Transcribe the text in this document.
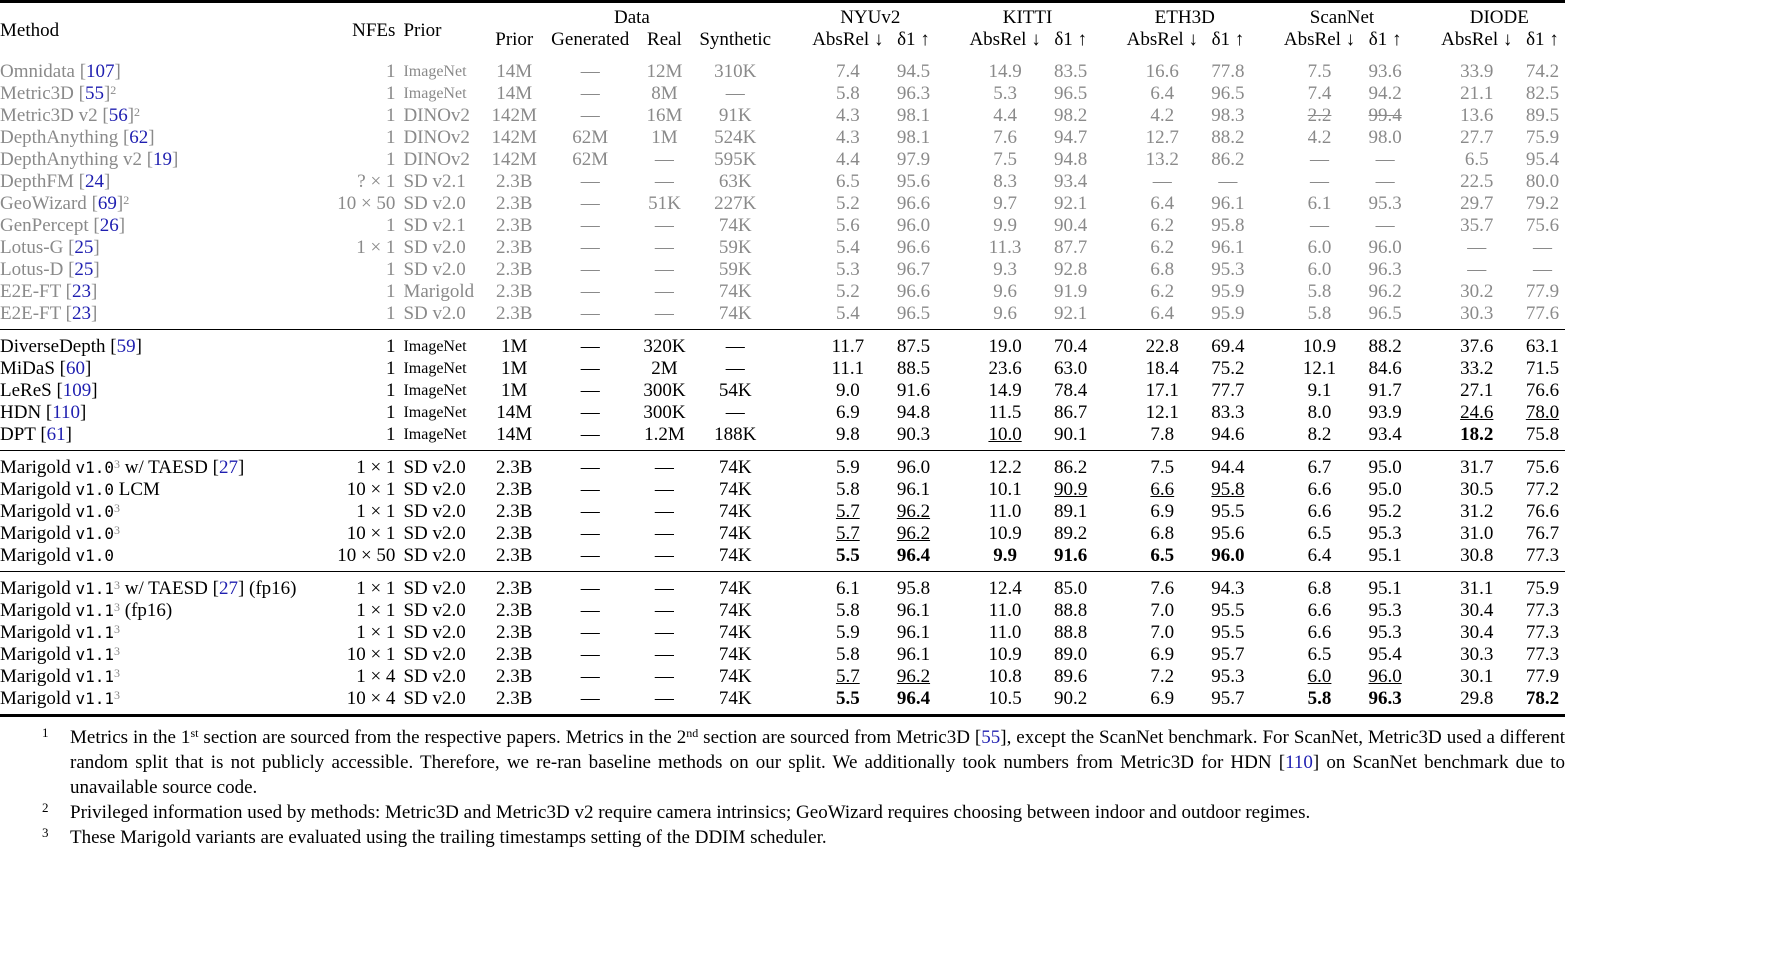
Method	NFEs	Prior	Data					NYUv2			KITTI			ETH3D			ScanNet			DIODE	
			Prior	Generated	Real	Synthetic		AbsRel ↓	δ1 ↑		AbsRel ↓	δ1 ↑		AbsRel ↓	δ1 ↑		AbsRel ↓	δ1 ↑		AbsRel ↓	δ1 ↑
Omnidata [107]	1	ImageNet	14M	—	12M	310K		7.4	94.5		14.9	83.5		16.6	77.8		7.5	93.6		33.9	74.2
Metric3D $[55]^2$	1	ImageNet	14M	—	8M	—		5.8	96.3		5.3	96.5		6.4	96.5		7.4	94.2		21.1	82.5
Metric3D v2 $[56]^2$	1	DINOv2	142M	—	16M	91K		4.3	98.1		4.4	98.2		4.2	98.3		2.2	99.4		13.6	89.5
DepthAnything [62]	1	DINOv2	142M	62M	1M	524K		4.3	98.1		7.6	94.7		12.7	88.2		4.2	98.0		27.7	75.9
DepthAnything v2 [19]	1	DINOv2	142M	62M	—	595K		4.4	97.9		7.5	94.8		13.2	86.2		—	—		6.5	95.4
DepthFM [24]	? × 1	SD v2.1	2.3B	—	—	63K		6.5	95.6		8.3	93.4		—	—		—	—		22.5	80.0
GeoWizard $[69]^2$	10 × 50	SD v2.0	2.3B	—	51K	227K		5.2	96.6		9.7	92.1		6.4	96.1		6.1	95.3		29.7	79.2
GenPercept [26]	1	SD v2.1	2.3B	—	—	74K		5.6	96.0		9.9	90.4		6.2	95.8		—	—		35.7	75.6
Lotus-G [25]	1 × 1	SD v2.0	2.3B	—	—	59K		5.4	96.6		11.3	87.7		6.2	96.1		6.0	96.0		—	—
Lotus-D [25]	1	SD v2.0	2.3B	—	—	59K		5.3	96.7		9.3	92.8		6.8	95.3		6.0	96.3		—	—
E2E-FT [23]	1	Marigold	2.3B	—	—	74K		5.2	96.6		9.6	91.9		6.2	95.9		5.8	96.2		30.2	77.9
E2E-FT [23]	1	SD v2.0	2.3B	—	—	74K		5.4	96.5		9.6	92.1		6.4	95.9		5.8	96.5		30.3	77.6
DiverseDepth [59]	1	ImageNet	1M	—	320K	—		11.7	87.5		19.0	70.4		22.8	69.4		10.9	88.2		37.6	63.1
MiDaS [60]	1	ImageNet	1M	—	2M	—		11.1	88.5		23.6	63.0		18.4	75.2		12.1	84.6		33.2	71.5
LeReS [109]	1	ImageNet	1M	—	300K	54K		9.0	91.6		14.9	78.4		17.1	77.7		9.1	91.7		27.1	76.6
HDN [110]	1	ImageNet	14M	—	300K	—		6.9	94.8		11.5	86.7		12.1	83.3		8.0	93.9		24.6	78.0
DPT [61]	1	ImageNet	14M	—	1.2M	188K		9.8	90.3		10.0	90.1		7.8	94.6		8.2	93.4		18.2	75.8
Marigold $v1.0^3$ w/ TAESD [27]	1 × 1	SD v2.0	2.3B	—	—	74K		5.9	96.0		12.2	86.2		7.5	94.4		6.7	95.0		31.7	75.6
Marigold v1.0 LCM	10 × 1	SD v2.0	2.3B	—	—	74K		5.8	96.1		10.1	90.9		6.6	95.8		6.6	95.0		30.5	77.2
Marigold $v1.0^3$	1 × 1	SD v2.0	2.3B	—	—	74K		5.7	96.2		11.0	89.1		6.9	95.5		6.6	95.2		31.2	76.6
Marigold $v1.0^3$	10 × 1	SD v2.0	2.3B	—	—	74K		5.7	96.2		10.9	89.2		6.8	95.6		6.5	95.3		31.0	76.7
Marigold v1.0	10 × 50	SD v2.0	2.3B	—	—	74K		5.5	96.4		9.9	91.6		6.5	96.0		6.4	95.1		30.8	77.3
Marigold $v1.1^3$ w/ TAESD [27] (fp16)	1 × 1	SD v2.0	2.3B	—	—	74K		6.1	95.8		12.4	85.0		7.6	94.3		6.8	95.1		31.1	75.9
Marigold $v1.1^3$ (fp16)	1 × 1	SD v2.0	2.3B	—	—	74K		5.8	96.1		11.0	88.8		7.0	95.5		6.6	95.3		30.4	77.3
Marigold $v1.1^3$	1 × 1	SD v2.0	2.3B	—	—	74K		5.9	96.1		11.0	88.8		7.0	95.5		6.6	95.3		30.4	77.3
Marigold $v1.1^3$	10 × 1	SD v2.0	2.3B	—	—	74K		5.8	96.1		10.9	89.0		6.9	95.7		6.5	95.4		30.3	77.3
Marigold $v1.1^3$	1 × 4	SD v2.0	2.3B	—	—	74K		5.7	96.2		10.8	89.6		7.2	95.3		6.0	96.0		30.1	77.9
Marigold $v1.1^3$	10 × 4	SD v2.0	2.3B	—	—	74K		5.5	96.4		10.5	90.2		6.9	95.7		5.8	96.3		29.8	78.2
1	Metrics in the 1st section are sourced from the respective papers. Metrics in the 2nd section are sourced from Metric3D [55], except the ScanNet benchmark. For ScanNet, Metric3D used a different random split that is not publicly accessible. Therefore, we re-ran baseline methods on our split. We additionally took numbers from Metric3D for HDN [110] on ScanNet benchmark due to unavailable source code.
2	Privileged information used by methods: Metric3D and Metric3D v2 require camera intrinsics; GeoWizard requires choosing between indoor and outdoor regimes.
3	These Marigold variants are evaluated using the trailing timestamps setting of the DDIM scheduler.
